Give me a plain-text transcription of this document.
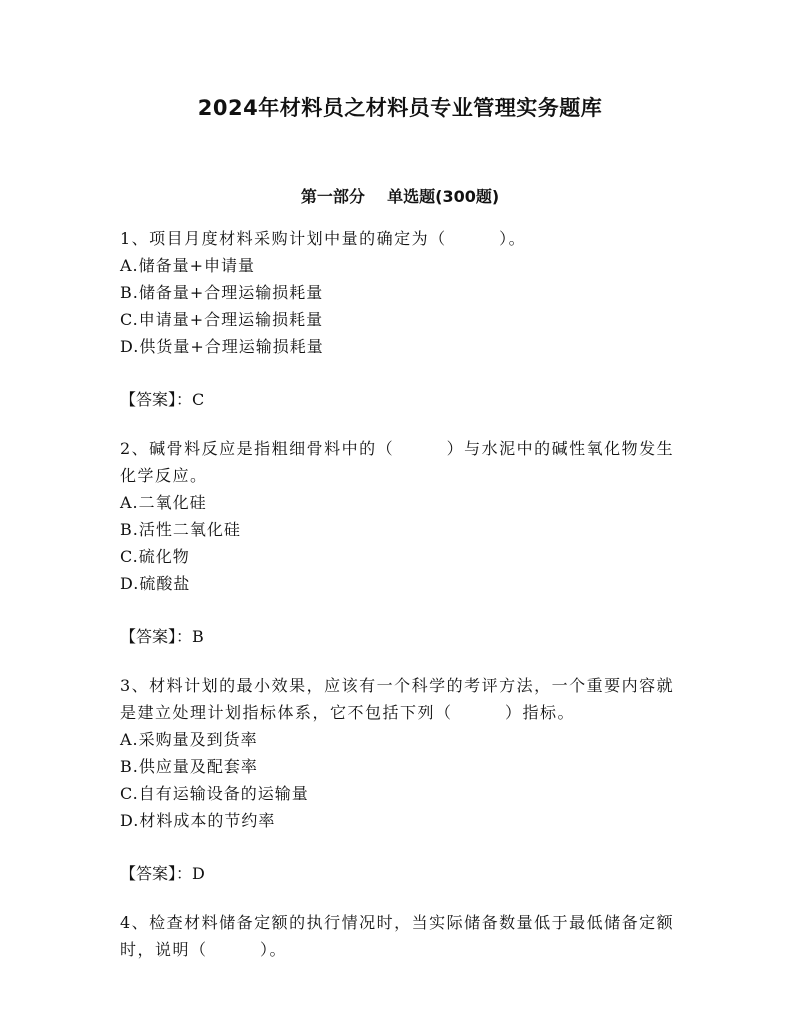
2024年材料员之材料员专业管理实务题库
第一部分    单选题(300题)
1、项目月度材料采购计划中量的确定为（　　　）。
A.储备量+申请量
B.储备量+合理运输损耗量
C.申请量+合理运输损耗量
D.供货量+合理运输损耗量
【答案】：C
2、碱骨料反应是指粗细骨料中的（　　　）与水泥中的碱性氧化物发生化学反应。
A.二氧化硅
B.活性二氧化硅
C.硫化物
D.硫酸盐
【答案】：B
3、材料计划的最小效果，应该有一个科学的考评方法，一个重要内容就是建立处理计划指标体系，它不包括下列（　　　）指标。
A.采购量及到货率
B.供应量及配套率
C.自有运输设备的运输量
D.材料成本的节约率
【答案】：D
4、检查材料储备定额的执行情况时，当实际储备数量低于最低储备定额时，说明（　　　）。
